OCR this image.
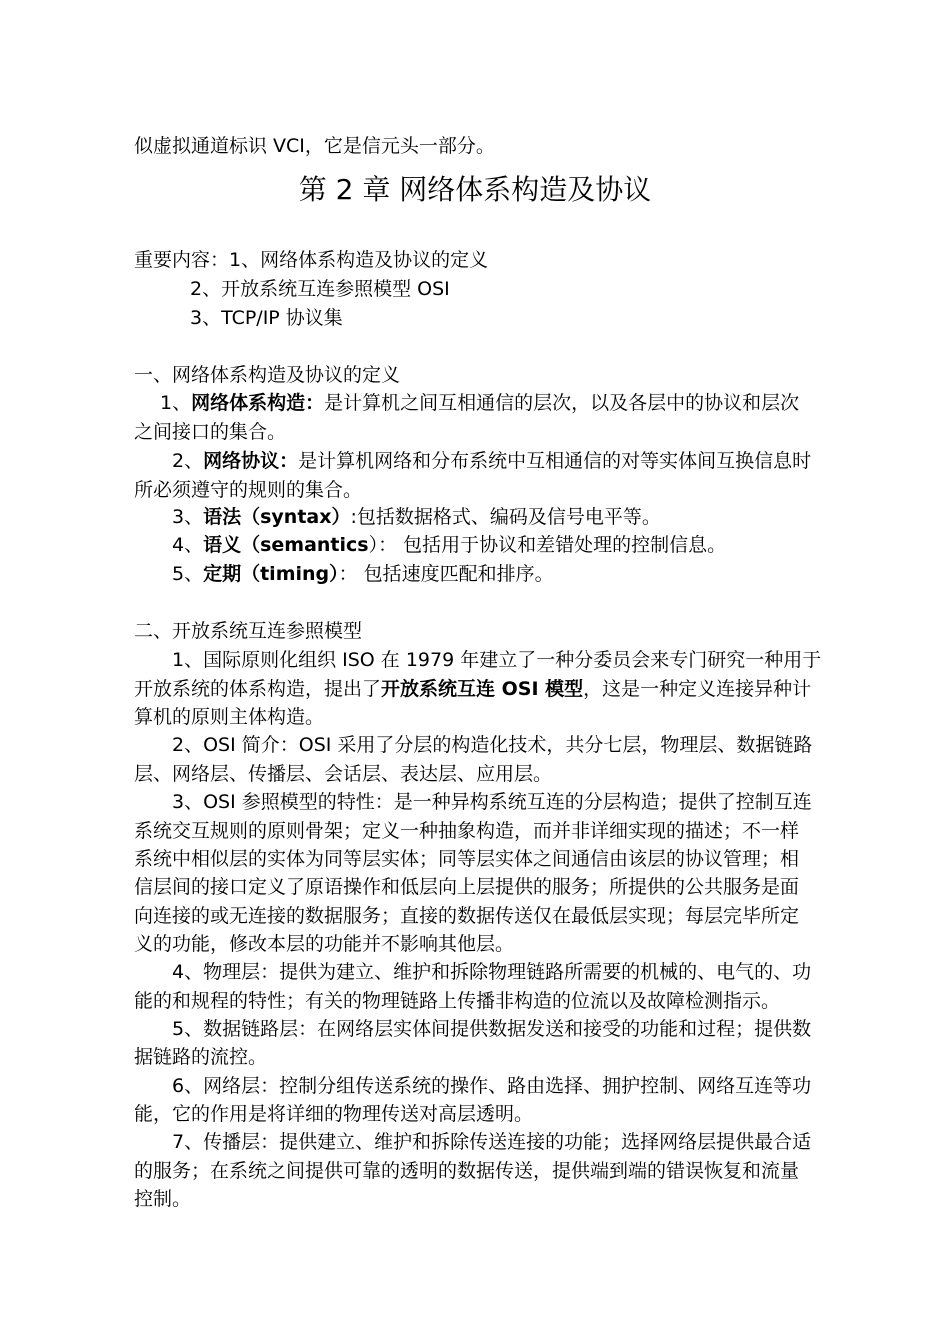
似虚拟通道标识 VCI，它是信元头一部分。
第 2 章 网络体系构造及协议
重要内容：1、网络体系构造及协议的定义
2、开放系统互连参照模型 OSI
3、TCP/IP 协议集
一、网络体系构造及协议的定义
1、网络体系构造：是计算机之间互相通信的层次，以及各层中的协议和层次
之间接口的集合。
2、网络协议：是计算机网络和分布系统中互相通信的对等实体间互换信息时
所必须遵守的规则的集合。
3、语法（syntax）:包括数据格式、编码及信号电平等。
4、语义（semantics）： 包括用于协议和差错处理的控制信息。
5、定期（timing）： 包括速度匹配和排序。
二、开放系统互连参照模型
1、国际原则化组织 ISO 在 1979 年建立了一种分委员会来专门研究一种用于
开放系统的体系构造，提出了开放系统互连 OSI 模型，这是一种定义连接异种计
算机的原则主体构造。
2、OSI 简介：OSI 采用了分层的构造化技术，共分七层，物理层、数据链路
层、网络层、传播层、会话层、表达层、应用层。
3、OSI 参照模型的特性：是一种异构系统互连的分层构造；提供了控制互连
系统交互规则的原则骨架；定义一种抽象构造，而并非详细实现的描述；不一样
系统中相似层的实体为同等层实体；同等层实体之间通信由该层的协议管理；相
信层间的接口定义了原语操作和低层向上层提供的服务；所提供的公共服务是面
向连接的或无连接的数据服务；直接的数据传送仅在最低层实现；每层完毕所定
义的功能，修改本层的功能并不影响其他层。
4、物理层：提供为建立、维护和拆除物理链路所需要的机械的、电气的、功
能的和规程的特性；有关的物理链路上传播非构造的位流以及故障检测指示。
5、数据链路层：在网络层实体间提供数据发送和接受的功能和过程；提供数
据链路的流控。
6、网络层：控制分组传送系统的操作、路由选择、拥护控制、网络互连等功
能，它的作用是将详细的物理传送对高层透明。
7、传播层：提供建立、维护和拆除传送连接的功能；选择网络层提供最合适
的服务；在系统之间提供可靠的透明的数据传送，提供端到端的错误恢复和流量
控制。
